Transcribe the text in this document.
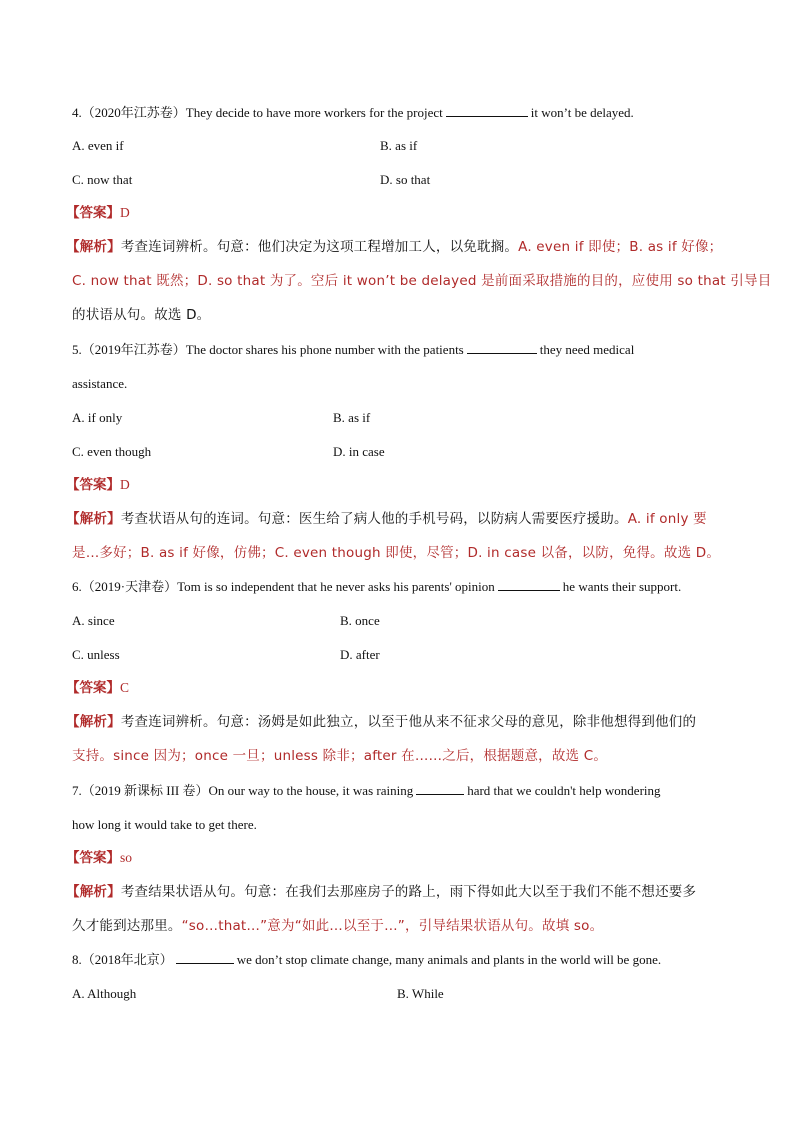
4.（2020年江苏卷）They decide to have more workers for the project	it won’t be delayed.
A. even if	B. as if
C. now that	D. so that
【答案】D
【解析】考查连词辨析。句意：他们决定为这项工程增加工人，以免耽搁。A. even if 即使；B. as if 好像；
C. now that 既然；D. so that 为了。空后 it won’t be delayed 是前面采取措施的目的，应使用 so that 引导目
的状语从句。故选 D。
5.（2019年江苏卷）The doctor shares his phone number with the patients	they need medical
assistance.
A. if only	B. as if
C. even though	D. in case
【答案】D
【解析】考查状语从句的连词。句意：医生给了病人他的手机号码，以防病人需要医疗援助。A. if only 要
是…多好；B. as if 好像，仿佛；C. even though 即使，尽管；D. in case 以备，以防，免得。故选 D。
6.（2019·天津卷）Tom is so independent that he never asks his parents' opinion	he wants their support.
A. since	B. once
C. unless	D. after
【答案】C
【解析】考查连词辨析。句意：汤姆是如此独立，以至于他从来不征求父母的意见，除非他想得到他们的
支持。since 因为；once 一旦；unless 除非；after 在……之后，根据题意，故选 C。
7.（2019 新课标 III 卷）On our way to the house, it was raining	hard that we couldn't help wondering
how long it would take to get there.
【答案】so
【解析】考查结果状语从句。句意：在我们去那座房子的路上，雨下得如此大以至于我们不能不想还要多
久才能到达那里。“so…that…”意为“如此…以至于…”，引导结果状语从句。故填 so。
8.（2018年北京）	we don’t stop climate change, many animals and plants in the world will be gone.
A. Although	B. While
